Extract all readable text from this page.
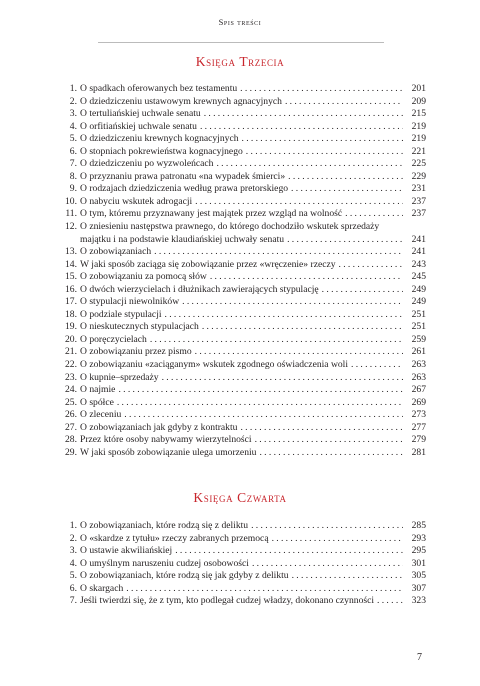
Spis treści
Księga Trzecia
1. O spadkach oferowanych bez testamentu .....	201
2. O dziedziczeniu ustawowym krewnych agnacyjnych .....	209
3. O tertuliańskiej uchwale senatu .....	215
4. O orfitiańskiej uchwale senatu .....	219
5. O dziedziczeniu krewnych kognacyjnych .....	219
6. O stopniach pokrewieństwa kognacyjnego .....	221
7. O dziedziczeniu po wyzwoleńcach .....	225
8. O przyznaniu prawa patronatu «na wypadek śmierci» .....	229
9. O rodzajach dziedziczenia według prawa pretorskiego .....	231
10. O nabyciu wskutek adrogacji .....	237
11. O tym, któremu przyznawany jest majątek przez wzgląd na wolność .....	237
12. O zniesieniu następstwa prawnego, do którego dochodziło wskutek sprzedaży
majątku i na podstawie klaudiańskiej uchwały senatu .....	241
13. O zobowiązaniach .....	241
14. W jaki sposób zaciąga się zobowiązanie przez «wręczenie» rzeczy .....	243
15. O zobowiązaniu za pomocą słów .....	245
16. O dwóch wierzycielach i dłużnikach zawierających stypulację .....	249
17. O stypulacji niewolników .....	249
18. O podziale stypulacji .....	251
19. O nieskutecznych stypulacjach .....	251
20. O poręczycielach .....	259
21. O zobowiązaniu przez pismo .....	261
22. O zobowiązaniu «zaciąganym» wskutek zgodnego oświadczenia woli .....	263
23. O kupnie–sprzedaży .....	263
24. O najmie .....	267
25. O spółce .....	269
26. O zleceniu .....	273
27. O zobowiązaniach jak gdyby z kontraktu .....	277
28. Przez które osoby nabywamy wierzytelności .....	279
29. W jaki sposób zobowiązanie ulega umorzeniu .....	281
Księga Czwarta
1. O zobowiązaniach, które rodzą się z deliktu .....	285
2. O «skardze z tytułu» rzeczy zabranych przemocą .....	293
3. O ustawie akwiliańskiej .....	295
4. O umyślnym naruszeniu cudzej osobowości .....	301
5. O zobowiązaniach, które rodzą się jak gdyby z deliktu .....	305
6. O skargach .....	307
7. Jeśli twierdzi się, że z tym, kto podlegał cudzej władzy, dokonano czynności .....	323
7
